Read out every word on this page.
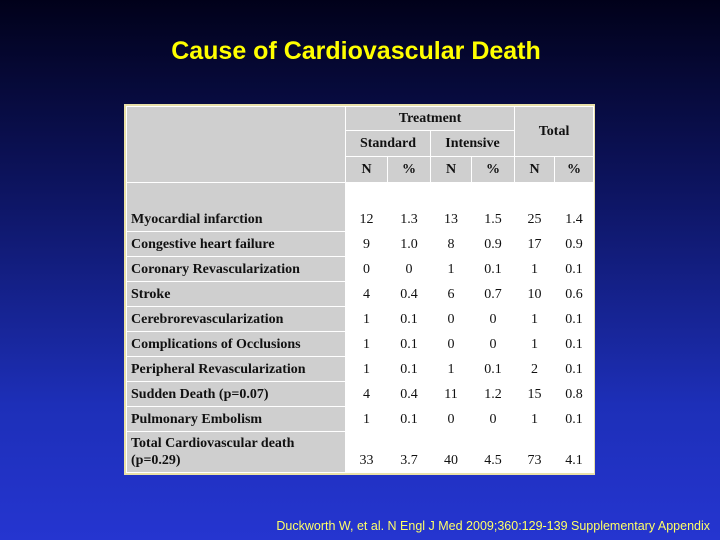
Cause of Cardiovascular Death
	Treatment				Total	
	Standard		Intensive			
	N	%	N	%	N	%
Myocardial infarction	12	1.3	13	1.5	25	1.4
Congestive heart failure	9	1.0	8	0.9	17	0.9
Coronary Revascularization	0	0	1	0.1	1	0.1
Stroke	4	0.4	6	0.7	10	0.6
Cerebrorevascularization	1	0.1	0	0	1	0.1
Complications of Occlusions	1	0.1	0	0	1	0.1
Peripheral Revascularization	1	0.1	1	0.1	2	0.1
Sudden Death (p=0.07)	4	0.4	11	1.2	15	0.8
Pulmonary Embolism	1	0.1	0	0	1	0.1
Total Cardiovascular death (p=0.29)	33	3.7	40	4.5	73	4.1
Duckworth W, et al. N Engl J Med 2009;360:129-139 Supplementary Appendix
